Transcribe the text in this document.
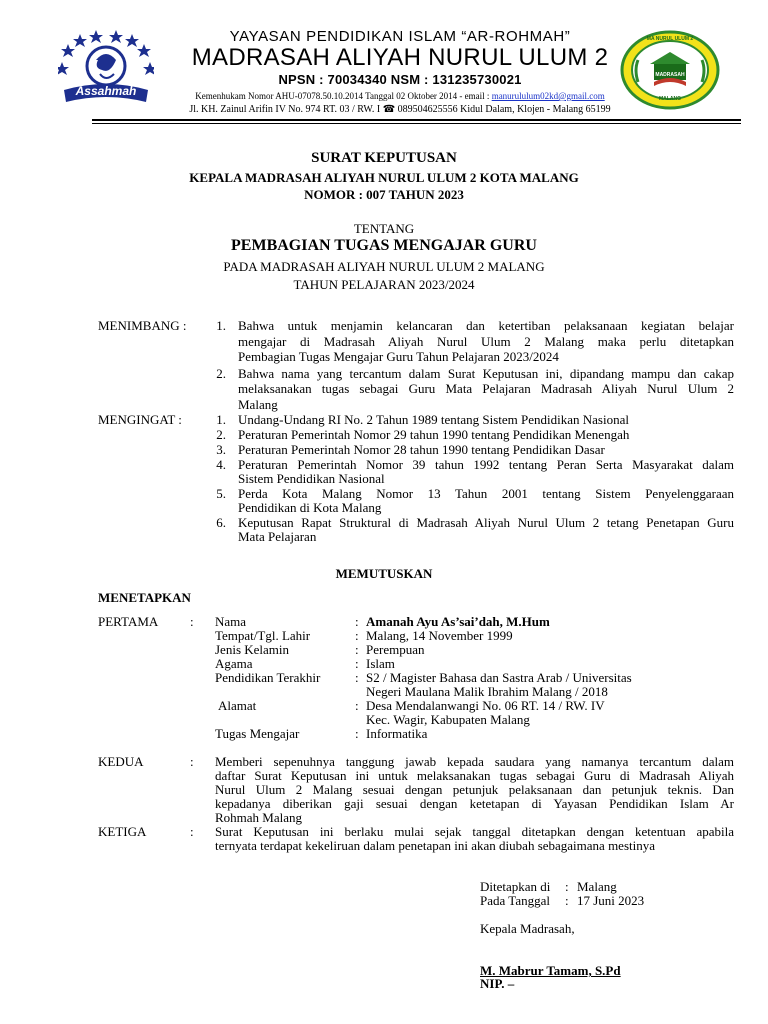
Assahmah
MA NURUL ULUM 2
MADRASAH
MALANG
YAYASAN PENDIDIKAN ISLAM “AR-ROHMAH”
MADRASAH ALIYAH NURUL ULUM 2
NPSN : 70034340 NSM : 131235730021
Kemenhukam Nomor AHU-07078.50.10.2014 Tanggal 02 Oktober 2014 - email : manurululum02kd@gmail.com
Jl. KH. Zainul Arifin IV No. 974 RT. 03 / RW. I ☎ 089504625556 Kidul Dalam, Klojen - Malang 65199
SURAT KEPUTUSAN
KEPALA MADRASAH ALIYAH NURUL ULUM 2 KOTA MALANG
NOMOR : 007 TAHUN 2023
TENTANG
PEMBAGIAN TUGAS MENGAJAR GURU
PADA MADRASAH ALIYAH NURUL ULUM 2 MALANG
TAHUN PELAJARAN 2023/2024
MENIMBANG :	1. Bahwa untuk menjamin kelancaran dan ketertiban pelaksanaan kegiatan belajar
mengajar di Madrasah Aliyah Nurul Ulum 2 Malang maka perlu ditetapkan
Pembagian Tugas Mengajar Guru Tahun Pelajaran 2023/2024
2. Bahwa nama yang tercantum dalam Surat Keputusan ini, dipandang mampu dan cakap
melaksanakan tugas sebagai Guru Mata Pelajaran Madrasah Aliyah Nurul Ulum 2
Malang
MENGINGAT :	1. Undang-Undang RI No. 2 Tahun 1989 tentang Sistem Pendidikan Nasional
2. Peraturan Pemerintah Nomor 29 tahun 1990 tentang Pendidikan Menengah
3. Peraturan Pemerintah Nomor 28 tahun 1990 tentang Pendidikan Dasar
4. Peraturan Pemerintah Nomor 39 tahun 1992 tentang Peran Serta Masyarakat dalam
Sistem Pendidikan Nasional
5. Perda Kota Malang Nomor 13 Tahun 2001 tentang Sistem Penyelenggaraan
Pendidikan di Kota Malang
6. Keputusan Rapat Struktural di Madrasah Aliyah Nurul Ulum 2 tetang Penetapan Guru
Mata Pelajaran
MEMUTUSKAN
MENETAPKAN
PERTAMA : Nama	: Amanah Ayu As’sai’dah, M.Hum
Tempat/Tgl. Lahir	: Malang, 14 November 1999
Jenis Kelamin	: Perempuan
Agama	: Islam
Pendidikan Terakhir	: S2 / Magister Bahasa dan Sastra Arab / Universitas
Negeri Maulana Malik Ibrahim Malang / 2018
Alamat	: Desa Mendalanwangi No. 06 RT. 14 / RW. IV
Kec. Wagir, Kabupaten Malang
Tugas Mengajar	: Informatika
KEDUA	: Memberi sepenuhnya tanggung jawab kepada saudara yang namanya tercantum dalam
daftar Surat Keputusan ini untuk melaksanakan tugas sebagai Guru di Madrasah Aliyah
Nurul Ulum 2 Malang sesuai dengan petunjuk pelaksanaan dan petunjuk teknis. Dan
kepadanya diberikan gaji sesuai dengan ketetapan di Yayasan Pendidikan Islam Ar
Rohmah Malang
KETIGA	: Surat Keputusan ini berlaku mulai sejak tanggal ditetapkan dengan ketentuan apabila
ternyata terdapat kekeliruan dalam penetapan ini akan diubah sebagaimana mestinya
Ditetapkan di : Malang
Pada Tanggal : 17 Juni 2023
Kepala Madrasah,
M. Mabrur Tamam, S.Pd
NIP. –
